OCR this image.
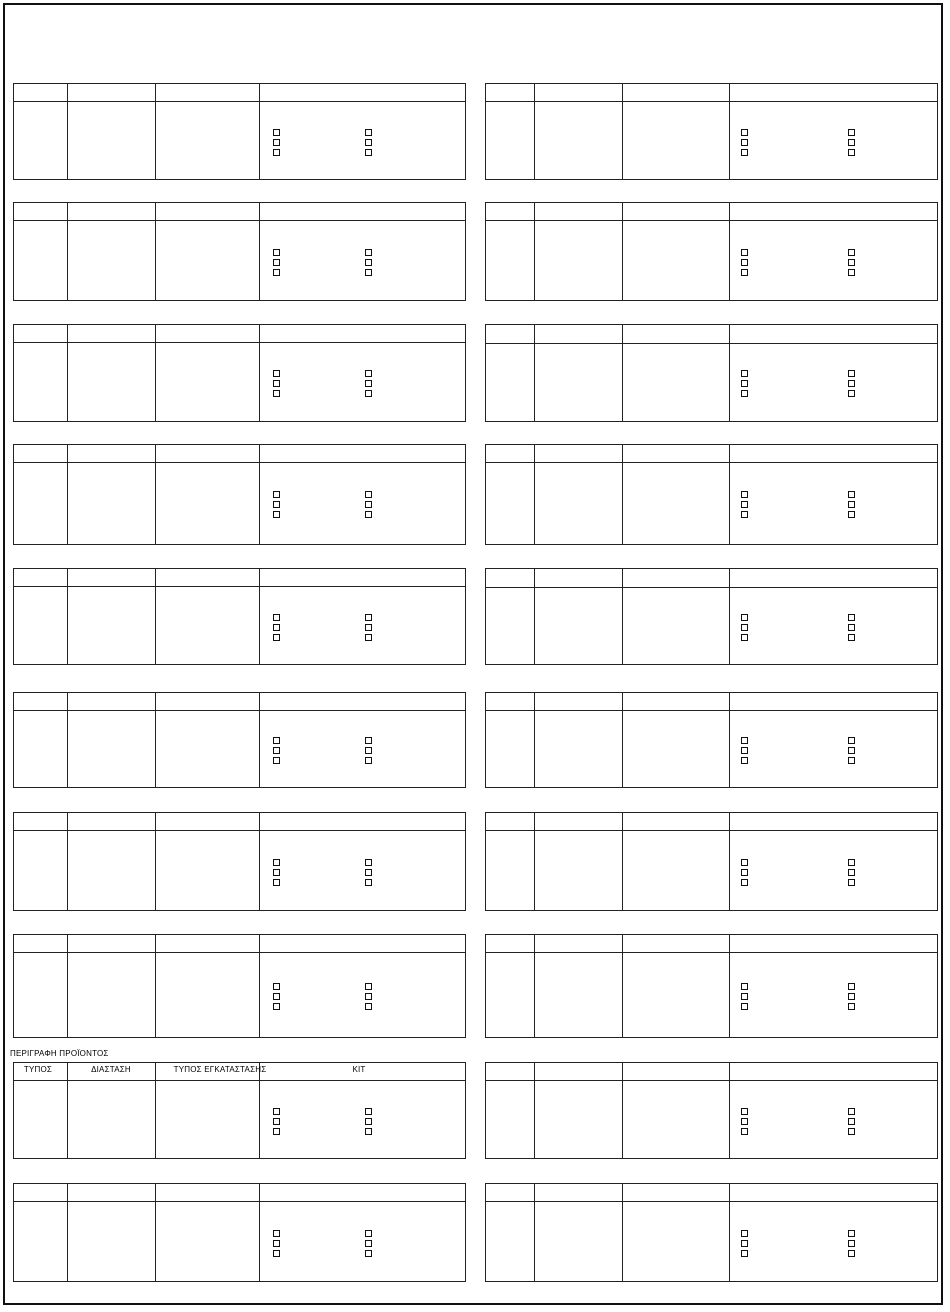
ΠΕΡΙΓΡΑΦΗ ΠΡΟΪΟΝΤΟΣ
ΤΥΠΟΣ	ΔΙΑΣΤΑΣΗ	ΤΥΠΟΣ ΕΓΚΑΤΑΣΤΑΣΗΣ	ΚΙΤ
